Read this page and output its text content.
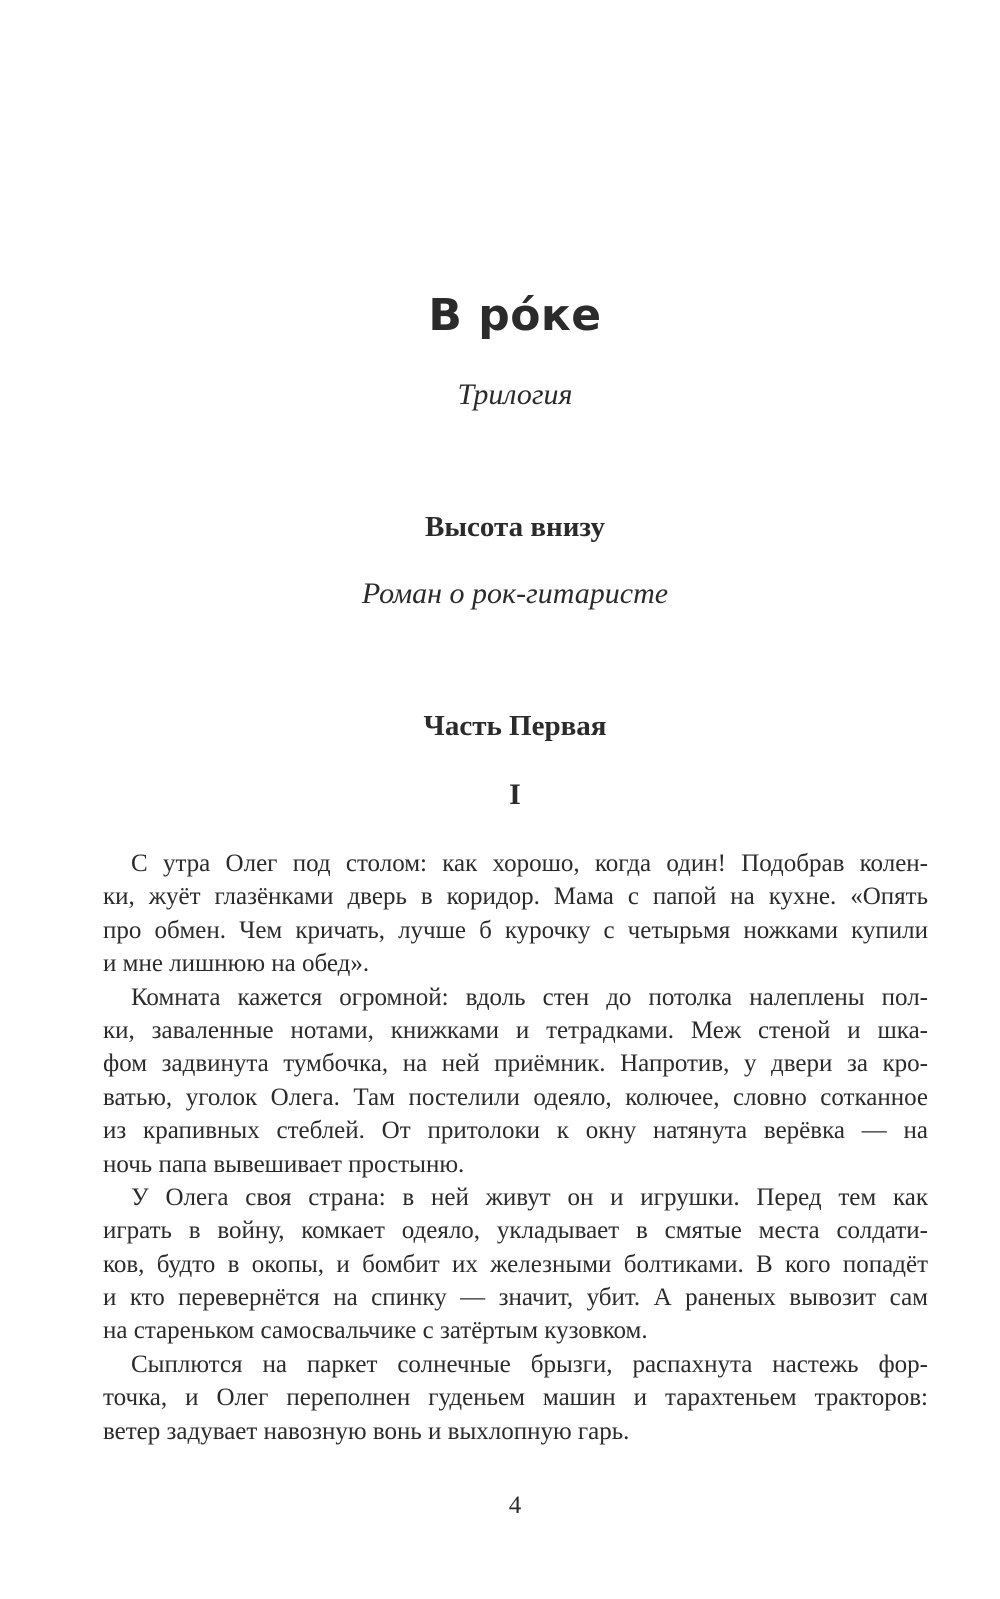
В ро́ке
Трилогия
Высота внизу
Роман о рок-гитаристе
Часть Первая
I
С утра Олег под столом: как хорошо, когда один! Подобрав колен-
ки, жуёт глазёнками дверь в коридор. Мама с папой на кухне. «Опять
про обмен. Чем кричать, лучше б курочку с четырьмя ножками купили
и мне лишнюю на обед».
Комната кажется огромной: вдоль стен до потолка налеплены пол-
ки, заваленные нотами, книжками и тетрадками. Меж стеной и шка-
фом задвинута тумбочка, на ней приёмник. Напротив, у двери за кро-
ватью, уголок Олега. Там постелили одеяло, колючее, словно сотканное
из крапивных стеблей. От притолоки к окну натянута верёвка — на
ночь папа вывешивает простыню.
У Олега своя страна: в ней живут он и игрушки. Перед тем как
играть в войну, комкает одеяло, укладывает в смятые места солдати-
ков, будто в окопы, и бомбит их железными болтиками. В кого попадёт
и кто перевернётся на спинку — значит, убит. А раненых вывозит сам
на стареньком самосвальчике с затёртым кузовком.
Сыплются на паркет солнечные брызги, распахнута настежь фор-
точка, и Олег переполнен гуденьем машин и тарахтеньем тракторов:
ветер задувает навозную вонь и выхлопную гарь.
4
